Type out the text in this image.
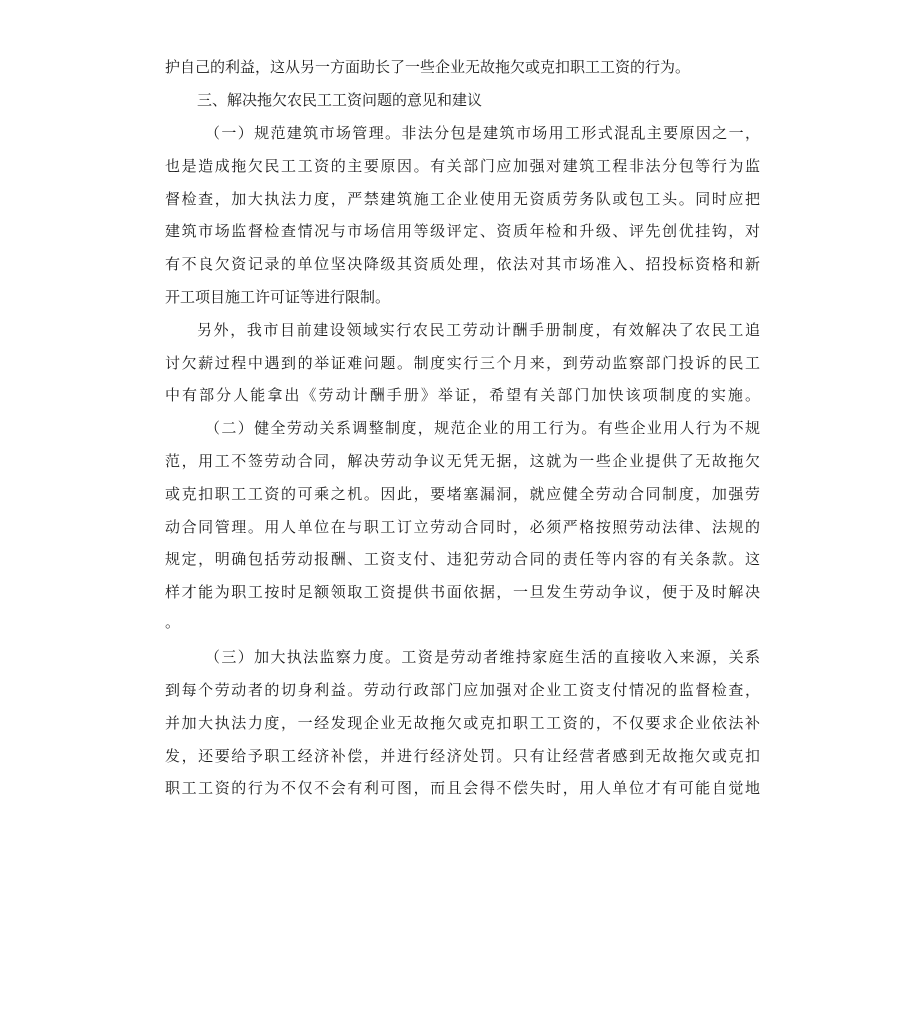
护自己的利益，这从另一方面助长了一些企业无故拖欠或克扣职工工资的行为。
三、解决拖欠农民工工资问题的意见和建议
（一）规范建筑市场管理。非法分包是建筑市场用工形式混乱主要原因之一，
也是造成拖欠民工工资的主要原因。有关部门应加强对建筑工程非法分包等行为监
督检查，加大执法力度，严禁建筑施工企业使用无资质劳务队或包工头。同时应把
建筑市场监督检查情况与市场信用等级评定、资质年检和升级、评先创优挂钩，对
有不良欠资记录的单位坚决降级其资质处理，依法对其市场准入、招投标资格和新
开工项目施工许可证等进行限制。
另外，我市目前建设领域实行农民工劳动计酬手册制度，有效解决了农民工追
讨欠薪过程中遇到的举证难问题。制度实行三个月来，到劳动监察部门投诉的民工
中有部分人能拿出《劳动计酬手册》举证，希望有关部门加快该项制度的实施。
（二）健全劳动关系调整制度，规范企业的用工行为。有些企业用人行为不规
范，用工不签劳动合同，解决劳动争议无凭无据，这就为一些企业提供了无故拖欠
或克扣职工工资的可乘之机。因此，要堵塞漏洞，就应健全劳动合同制度，加强劳
动合同管理。用人单位在与职工订立劳动合同时，必须严格按照劳动法律、法规的
规定，明确包括劳动报酬、工资支付、违犯劳动合同的责任等内容的有关条款。这
样才能为职工按时足额领取工资提供书面依据，一旦发生劳动争议，便于及时解决
。
（三）加大执法监察力度。工资是劳动者维持家庭生活的直接收入来源，关系
到每个劳动者的切身利益。劳动行政部门应加强对企业工资支付情况的监督检查，
并加大执法力度，一经发现企业无故拖欠或克扣职工工资的，不仅要求企业依法补
发，还要给予职工经济补偿，并进行经济处罚。只有让经营者感到无故拖欠或克扣
职工工资的行为不仅不会有利可图，而且会得不偿失时，用人单位才有可能自觉地
